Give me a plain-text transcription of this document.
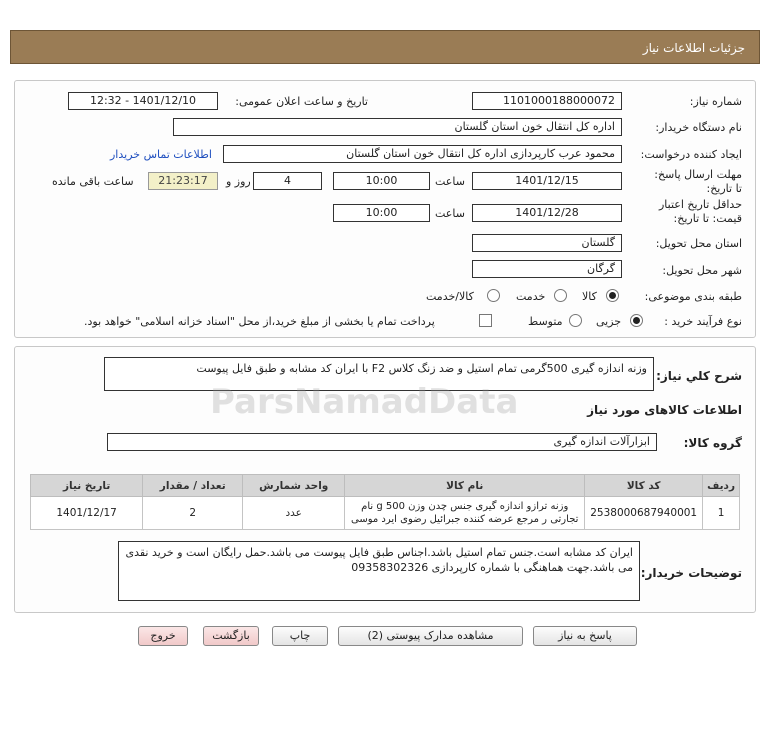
جزئیات اطلاعات نیاز
شماره نیاز:
1101000188000072
تاریخ و ساعت اعلان عمومی:
1401/12/10 - 12:32
نام دستگاه خریدار:
اداره کل انتقال خون استان گلستان
ایجاد کننده درخواست:
محمود عرب کارپردازی اداره کل انتقال خون استان گلستان
اطلاعات تماس خریدار
مهلت ارسال پاسخ: تا تاریخ:
1401/12/15
ساعت
10:00
4
روز و
21:23:17
ساعت باقی مانده
حداقل تاریخ اعتبار قیمت: تا تاریخ:
1401/12/28
ساعت
10:00
استان محل تحویل:
گلستان
شهر محل تحویل:
گرگان
طبقه بندی موضوعی:
کالا
خدمت
کالا/خدمت
نوع فرآیند خرید :
جزیی
متوسط
پرداخت تمام یا بخشی از مبلغ خرید،از محل "اسناد خزانه اسلامی" خواهد بود.
شرح كلي نياز:
وزنه اندازه گیری 500گرمی تمام استیل و ضد زنگ کلاس F2 با ایران کد مشابه و طبق فایل پیوست
اطلاعات کالاهای مورد نیاز
گروه کالا:
ابزارآلات اندازه گیری
ردیف	کد کالا	نام کالا	واحد شمارش	تعداد / مقدار	تاریخ نیاز
1	2538000687940001	وزنه ترازو اندازه گیری جنس چدن وزن 500 g نام تجارتی ر مرجع عرضه کننده جبرائیل رضوی ایرد موسی	عدد	2	1401/12/17
توضیحات خریدار:
ایران کد مشابه است.جنس تمام استیل باشد.اجناس طبق فایل پیوست می باشد.حمل رایگان است و خرید نقدی می باشد.جهت هماهنگی با شماره کارپردازی 09358302326
ParsNamadData
پاسخ به نیاز
مشاهده مدارک پیوستی (2)
چاپ
بازگشت
خروج
